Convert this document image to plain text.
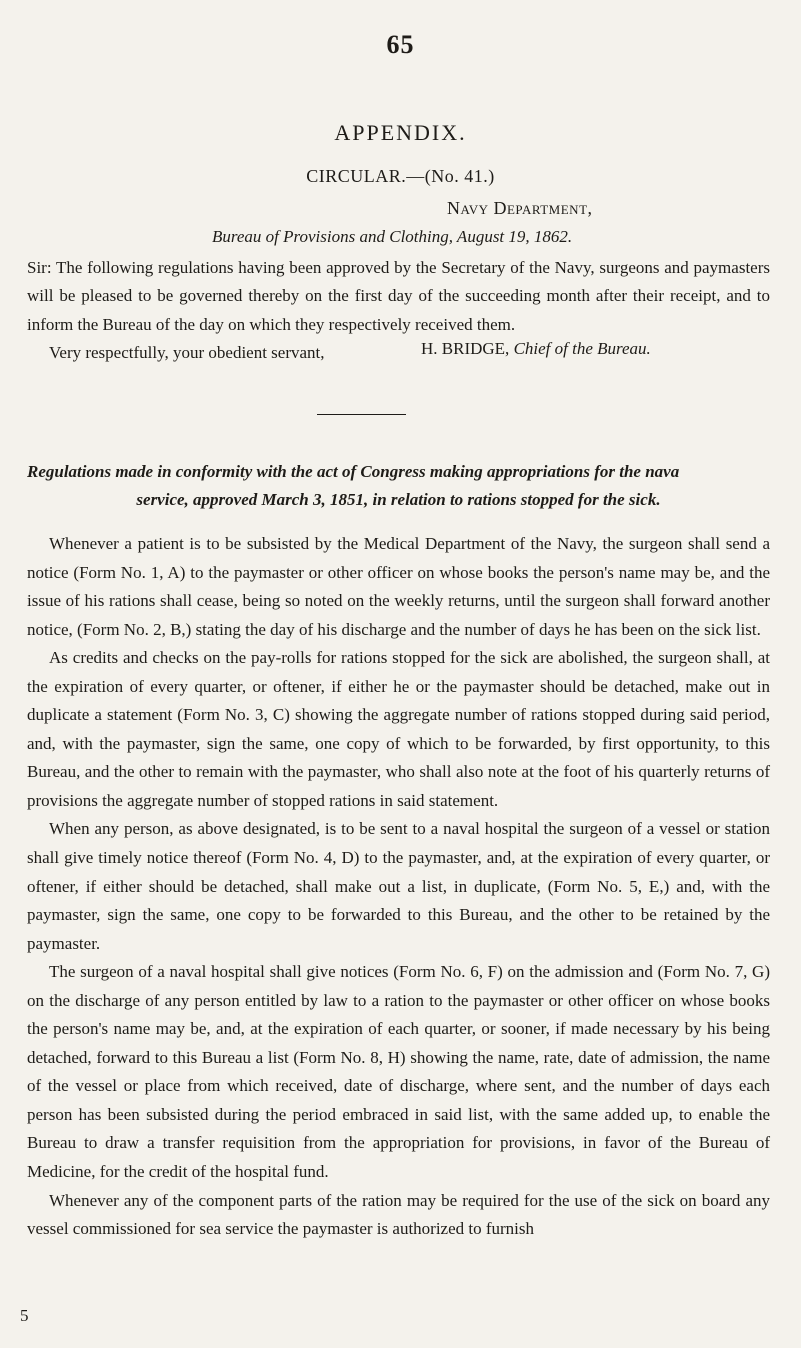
65
APPENDIX.
CIRCULAR.—(No. 41.)
Navy Department,
Bureau of Provisions and Clothing, August 19, 1862.

Sir: The following regulations having been approved by the Secretary of the Navy, surgeons and paymasters will be pleased to be governed thereby on the first day of the succeeding month after their receipt, and to inform the Bureau of the day on which they respectively received them.

Very respectfully, your obedient servant,	H. BRIDGE, Chief of the Bureau.
Regulations made in conformity with the act of Congress making appropriations for the nava
service, approved March 3, 1851, in relation to rations stopped for the sick.

Whenever a patient is to be subsisted by the Medical Department of the Navy, the surgeon shall send a notice (Form No. 1, A) to the paymaster or other officer on whose books the person's name may be, and the issue of his rations shall cease, being so noted on the weekly returns, until the surgeon shall forward another notice, (Form No. 2, B,) stating the day of his discharge and the number of days he has been on the sick list.

As credits and checks on the pay-rolls for rations stopped for the sick are abolished, the surgeon shall, at the expiration of every quarter, or oftener, if either he or the paymaster should be detached, make out in duplicate a statement (Form No. 3, C) showing the aggregate number of rations stopped during said period, and, with the paymaster, sign the same, one copy of which to be forwarded, by first opportunity, to this Bureau, and the other to remain with the paymaster, who shall also note at the foot of his quarterly returns of provisions the aggregate number of stopped rations in said statement.

When any person, as above designated, is to be sent to a naval hospital the surgeon of a vessel or station shall give timely notice thereof (Form No. 4, D) to the paymaster, and, at the expiration of every quarter, or oftener, if either should be detached, shall make out a list, in duplicate, (Form No. 5, E,) and, with the paymaster, sign the same, one copy to be forwarded to this Bureau, and the other to be retained by the paymaster.

The surgeon of a naval hospital shall give notices (Form No. 6, F) on the admission and (Form No. 7, G) on the discharge of any person entitled by law to a ration to the paymaster or other officer on whose books the person's name may be, and, at the expiration of each quarter, or sooner, if made necessary by his being detached, forward to this Bureau a list (Form No. 8, H) showing the name, rate, date of admission, the name of the vessel or place from which received, date of discharge, where sent, and the number of days each person has been subsisted during the period embraced in said list, with the same added up, to enable the Bureau to draw a transfer requisition from the appropriation for provisions, in favor of the Bureau of Medicine, for the credit of the hospital fund.

Whenever any of the component parts of the ration may be required for the use of the sick on board any vessel commissioned for sea service the paymaster is authorized to furnish

5
